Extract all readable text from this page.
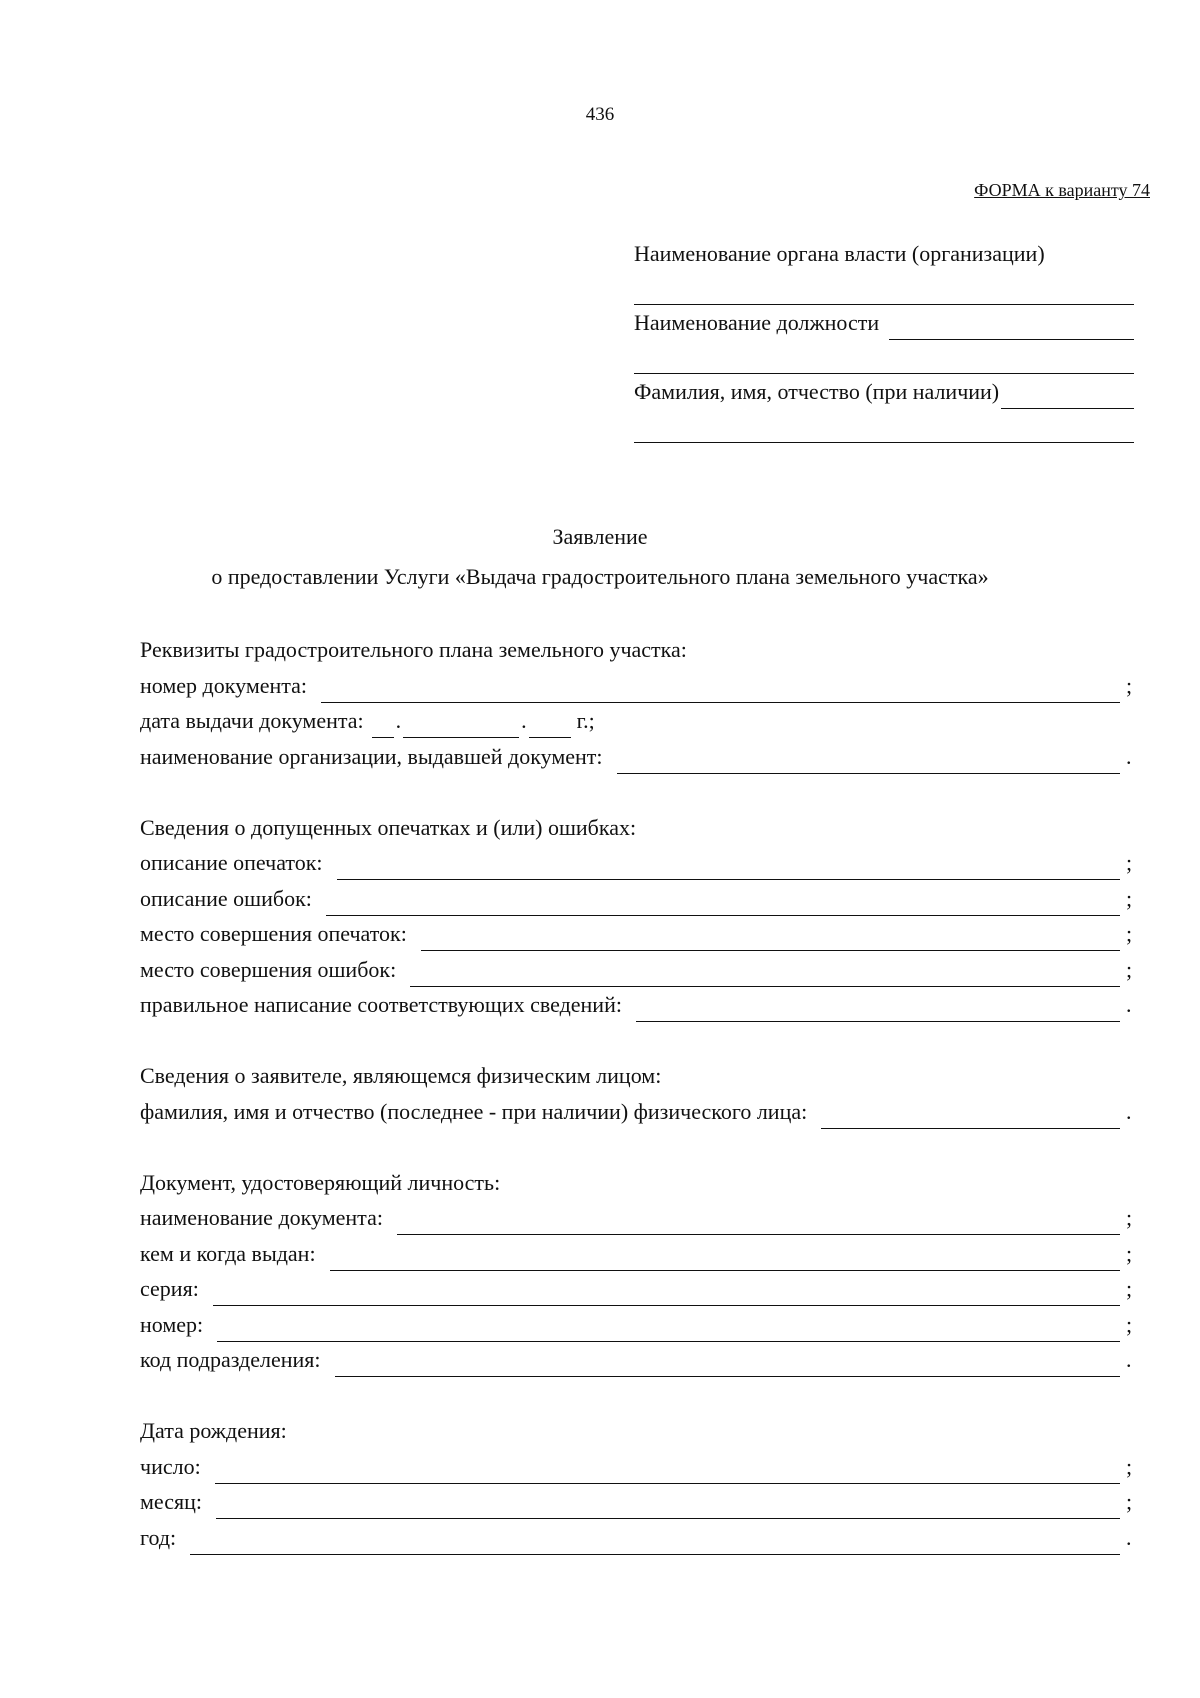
436
ФОРМА к варианту 74
Наименование органа власти (организации)
Наименование должности
Фамилия, имя, отчество (при наличии)
Заявление
о предоставлении Услуги «Выдача градостроительного плана земельного участка»
Реквизиты градостроительного плана земельного участка:
номер документа:	;
дата выдачи документа: .	. г.;
наименование организации, выдавшей документ:	.
Сведения о допущенных опечатках и (или) ошибках:
описание опечаток:	;
описание ошибок:	;
место совершения опечаток:	;
место совершения ошибок:	;
правильное написание соответствующих сведений:	.
Сведения о заявителе, являющемся физическим лицом:
фамилия, имя и отчество (последнее - при наличии) физического лица:	.
Документ, удостоверяющий личность:
наименование документа:	;
кем и когда выдан:	;
серия:	;
номер:	;
код подразделения:	.
Дата рождения:
число:	;
месяц:	;
год:	.
